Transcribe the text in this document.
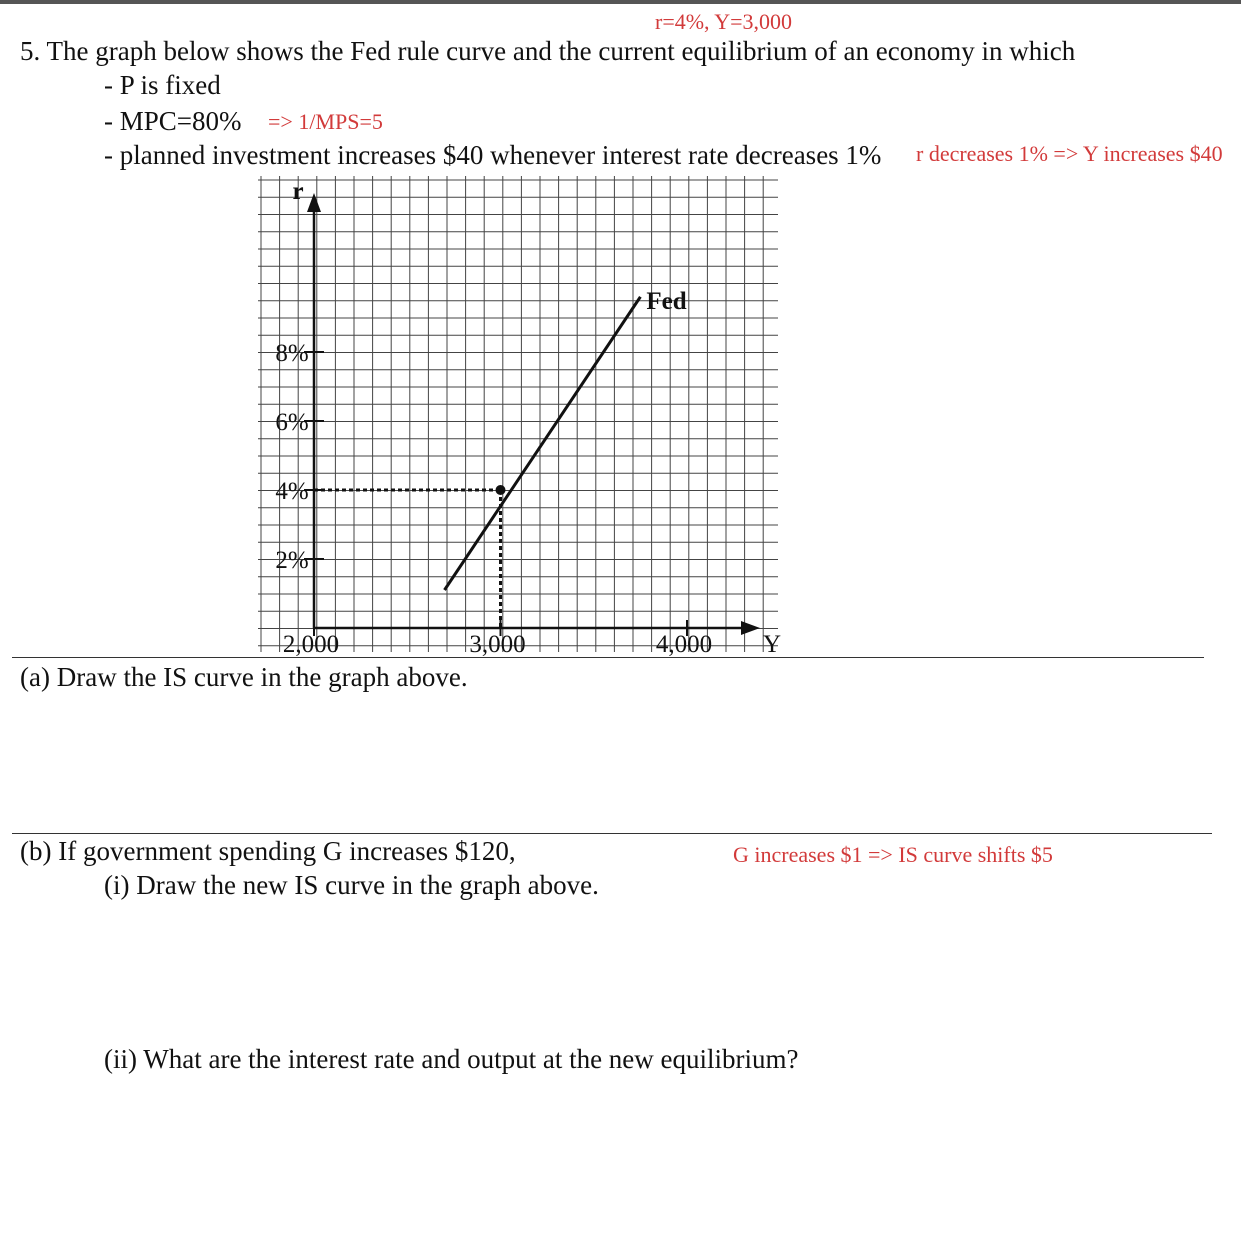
r=4%, Y=3,000

5. The graph below shows the Fed rule curve and the current equilibrium of an economy in which

- P is fixed

- MPC=80% => 1/MPS=5

- planned investment increases $40 whenever interest rate decreases 1% r decreases 1% => Y increases $40

2,000	3,000	4,000
2%
4%
6%
8%
Y
r
Fed

(a) Draw the IS curve in the graph above.

(b) If government spending G increases $120,	G increases $1 => IS curve shifts $5

(i) Draw the new IS curve in the graph above.

(ii) What are the interest rate and output at the new equilibrium?
